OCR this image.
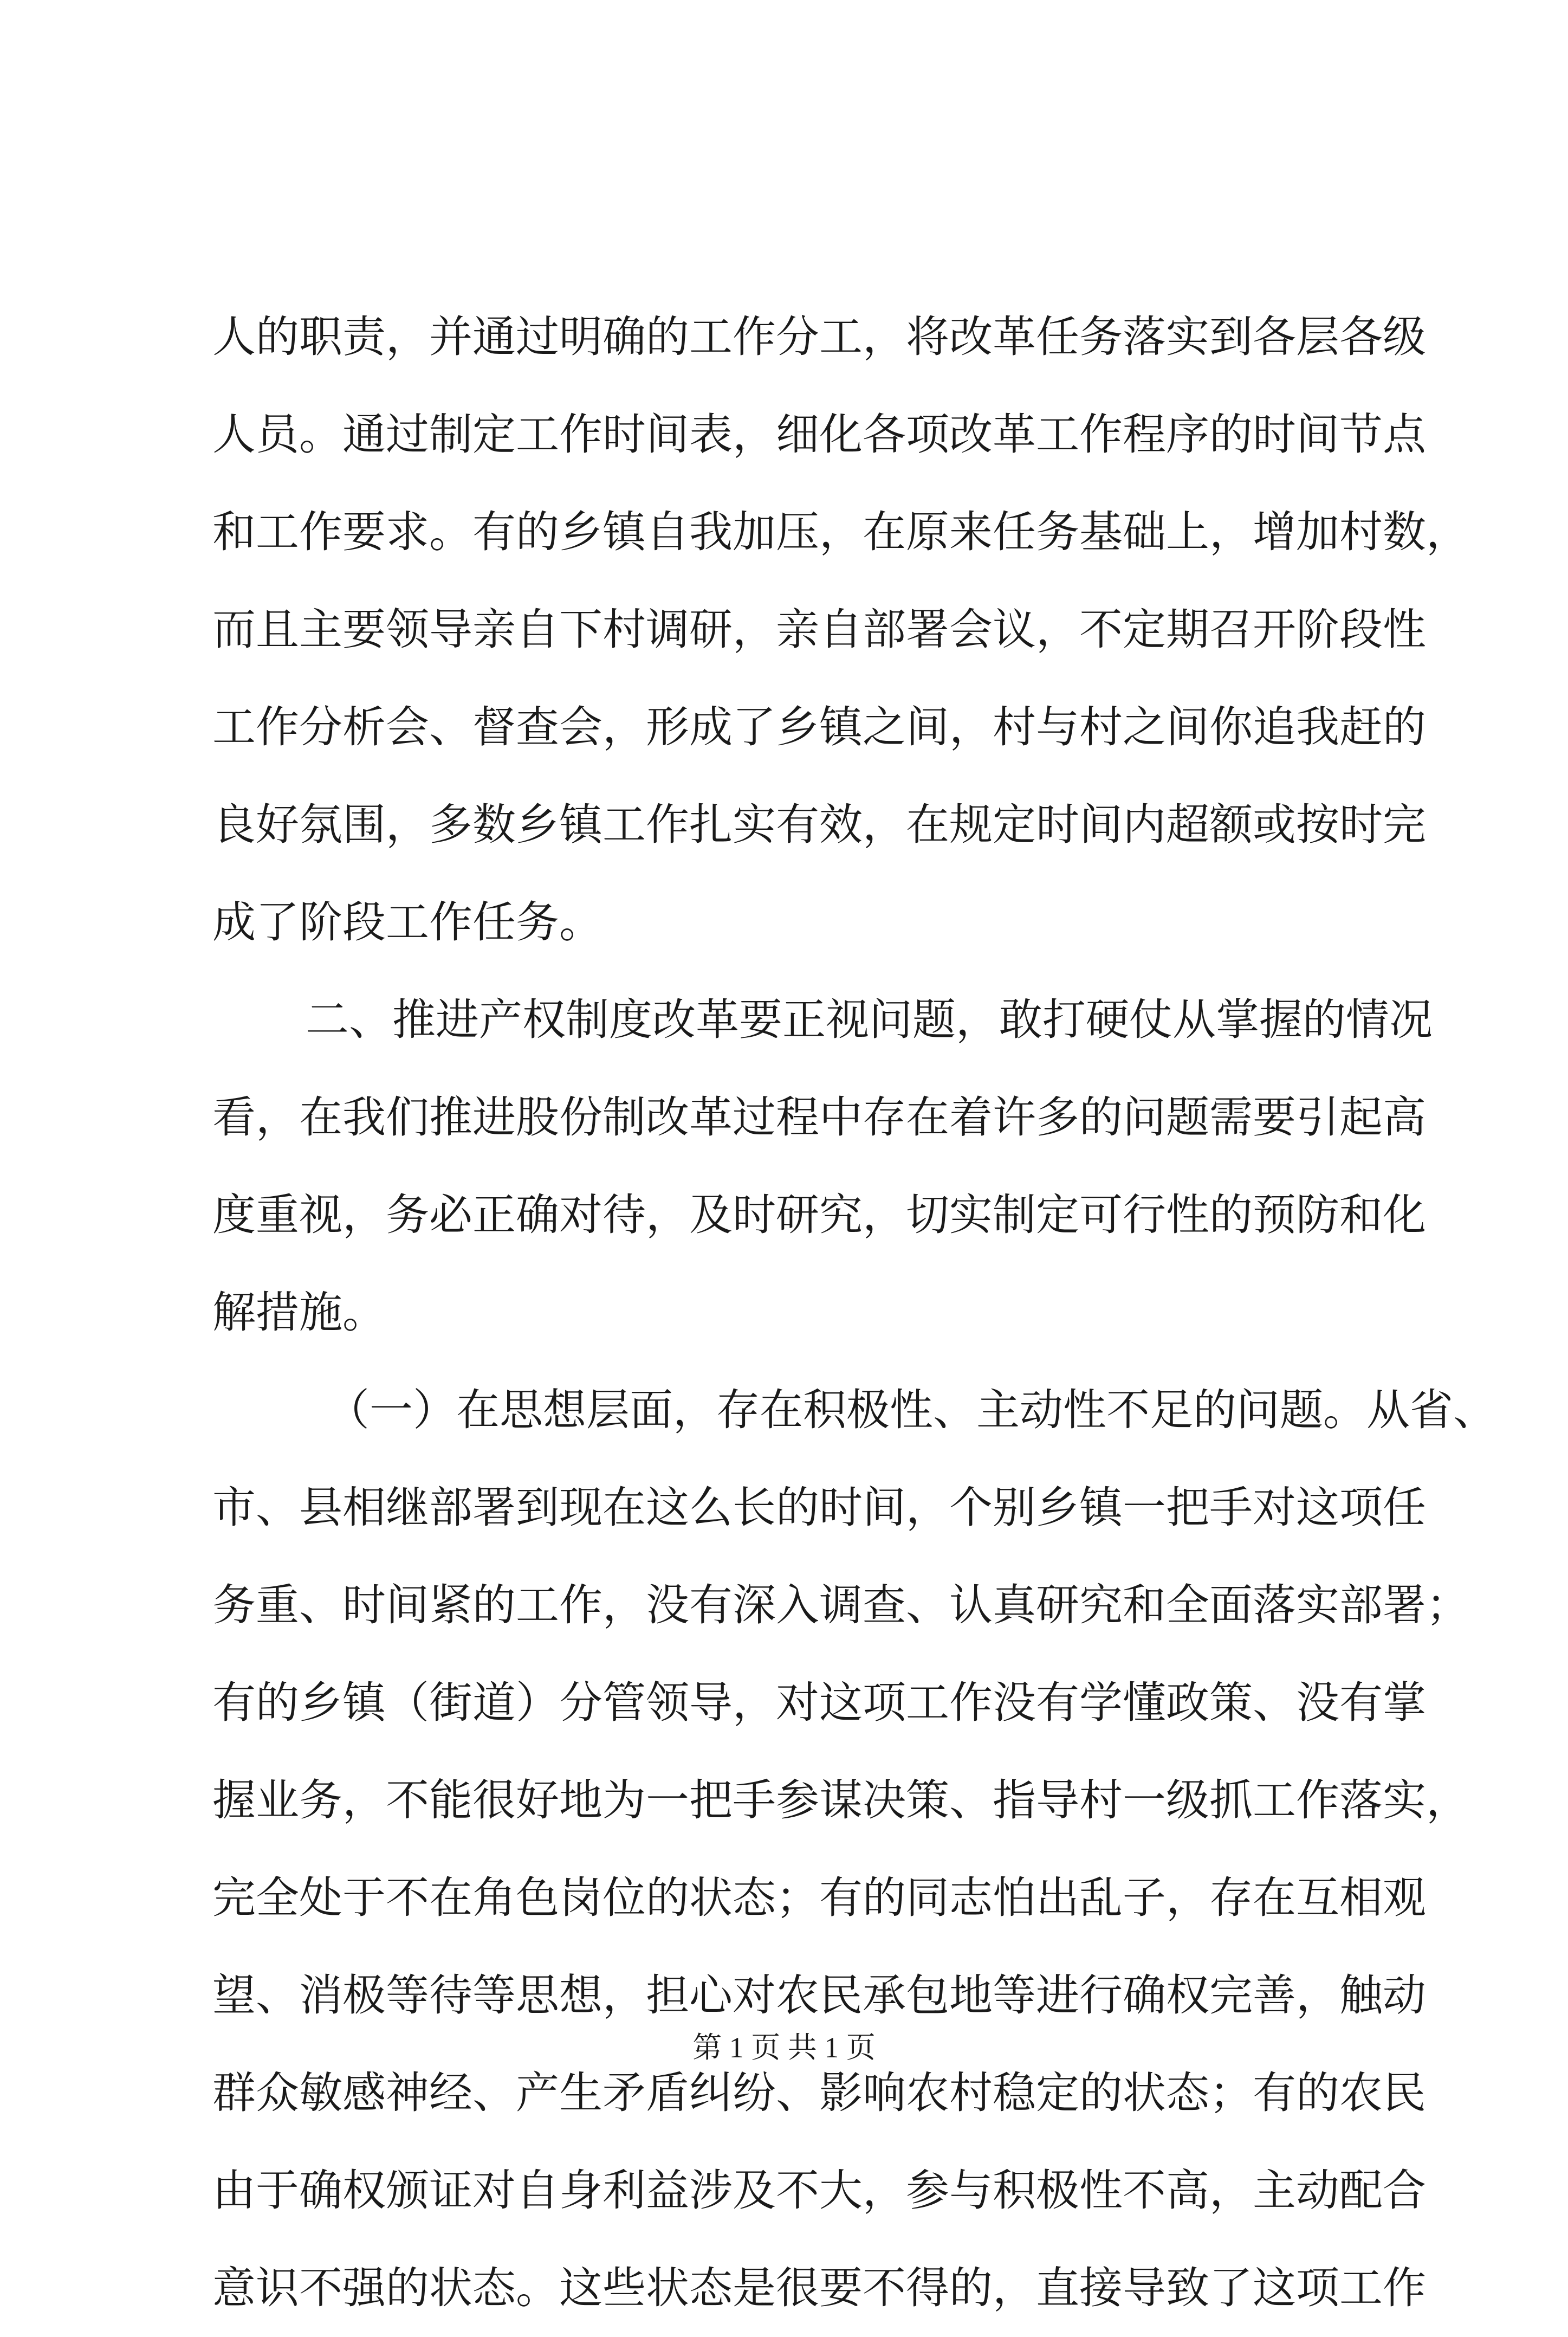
人的职责，并通过明确的工作分工，将改革任务落实到各层各级
人员。通过制定工作时间表，细化各项改革工作程序的时间节点
和工作要求。有的乡镇自我加压，在原来任务基础上，增加村数，
而且主要领导亲自下村调研，亲自部署会议，不定期召开阶段性
工作分析会、督查会，形成了乡镇之间，村与村之间你追我赶的
良好氛围，多数乡镇工作扎实有效，在规定时间内超额或按时完
成了阶段工作任务。
二、推进产权制度改革要正视问题，敢打硬仗从掌握的情况
看，在我们推进股份制改革过程中存在着许多的问题需要引起高
度重视，务必正确对待，及时研究，切实制定可行性的预防和化
解措施。
（一）在思想层面，存在积极性、主动性不足的问题。从省、
市、县相继部署到现在这么长的时间，个别乡镇一把手对这项任
务重、时间紧的工作，没有深入调查、认真研究和全面落实部署；
有的乡镇（街道）分管领导，对这项工作没有学懂政策、没有掌
握业务，不能很好地为一把手参谋决策、指导村一级抓工作落实，
完全处于不在角色岗位的状态；有的同志怕出乱子，存在互相观
望、消极等待等思想，担心对农民承包地等进行确权完善，触动
群众敏感神经、产生矛盾纠纷、影响农村稳定的状态；有的农民
由于确权颁证对自身利益涉及不大，参与积极性不高，主动配合
意识不强的状态。这些状态是很要不得的，直接导致了这项工作
第 1 页 共 1 页
